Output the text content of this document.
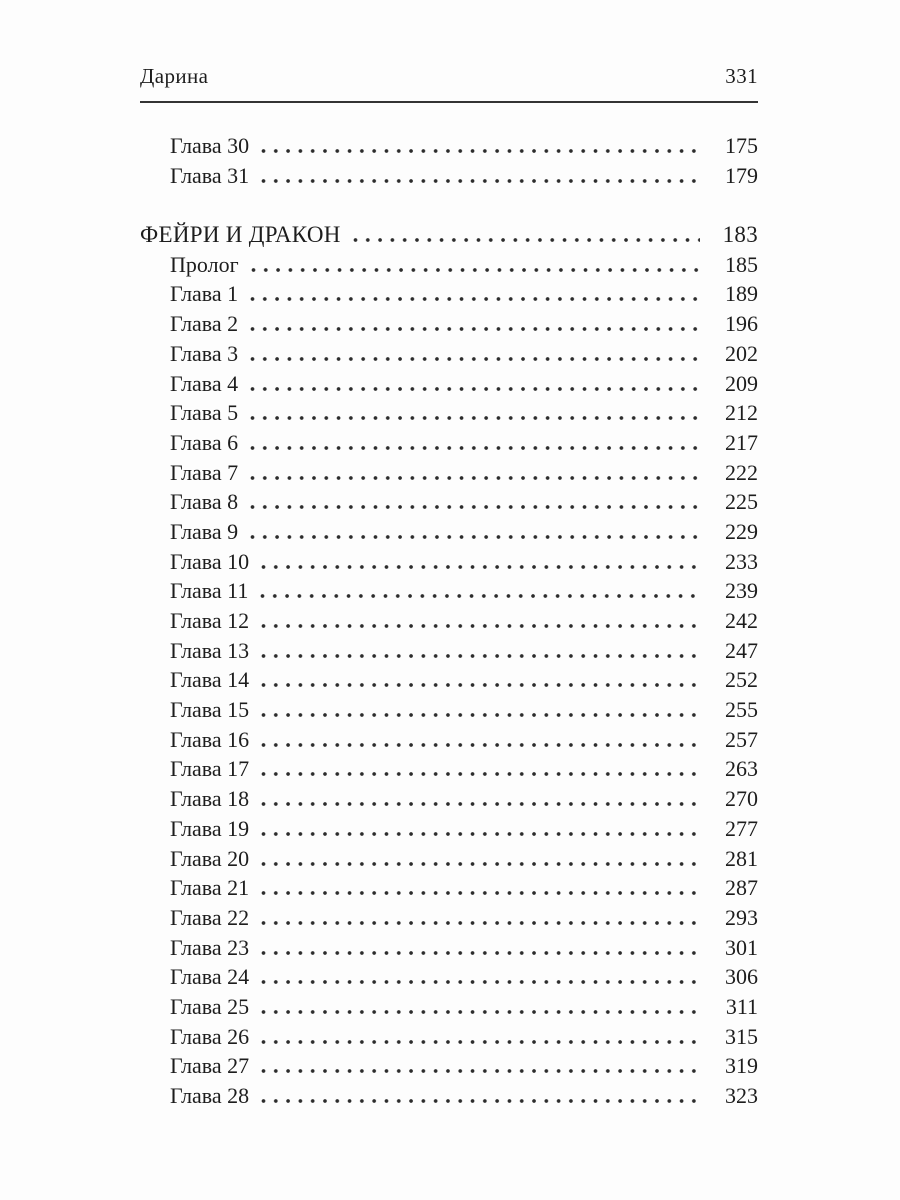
Дарина	331
Глава 30	175
Глава 31	179
ФЕЙРИ И ДРАКОН	183
Пролог	185
Глава 1	189
Глава 2	196
Глава 3	202
Глава 4	209
Глава 5	212
Глава 6	217
Глава 7	222
Глава 8	225
Глава 9	229
Глава 10	233
Глава 11	239
Глава 12	242
Глава 13	247
Глава 14	252
Глава 15	255
Глава 16	257
Глава 17	263
Глава 18	270
Глава 19	277
Глава 20	281
Глава 21	287
Глава 22	293
Глава 23	301
Глава 24	306
Глава 25	311
Глава 26	315
Глава 27	319
Глава 28	323
